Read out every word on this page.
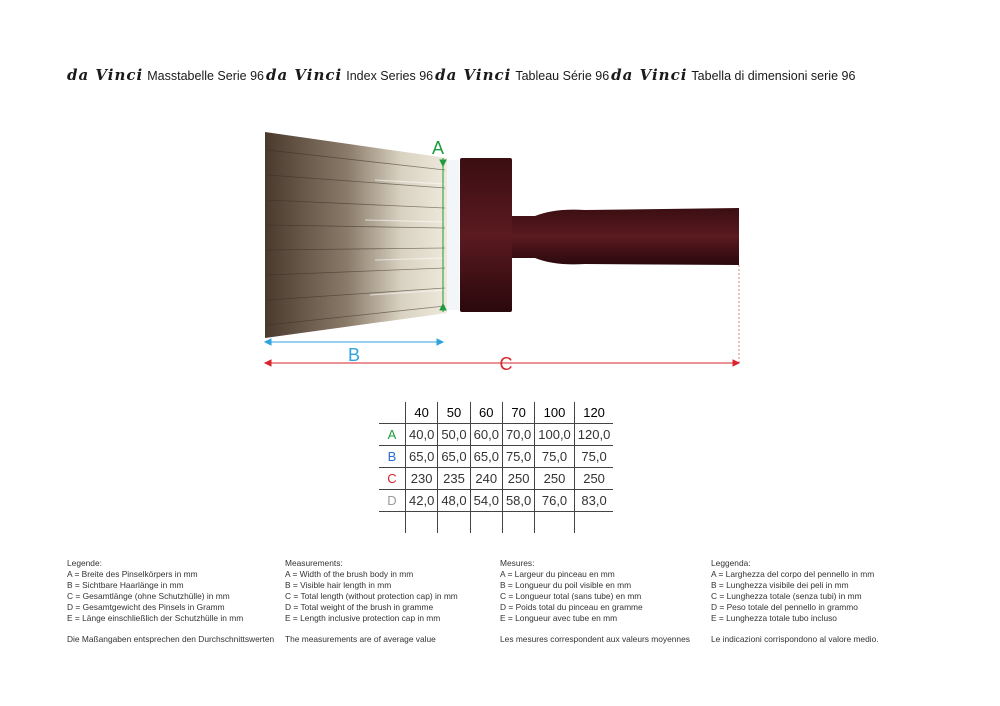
da Vinci Masstabelle Serie 96 da Vinci Index Series 96 da Vinci Tableau Série 96 da Vinci Tabella di dimensioni serie 96
A
B	C
	40	50	60	70	100	120
A	40,0	50,0	60,0	70,0	100,0	120,0
B	65,0	65,0	65,0	75,0	75,0	75,0
C	230	235	240	250	250	250
D	42,0	48,0	54,0	58,0	76,0	83,0

Legende:
A = Breite des Pinselkörpers in mm
B = Sichtbare Haarlänge in mm
C = Gesamtlänge (ohne Schutzhülle) in mm
D = Gesamtgewicht des Pinsels in Gramm
E = Länge einschließlich der Schutzhülle in mm
Die Maßangaben entsprechen den Durchschnittswerten
Measurements:
A = Width of the brush body in mm
B = Visible hair length in mm
C = Total length (without protection cap) in mm
D = Total weight of the brush in gramme
E = Length inclusive protection cap in mm
The measurements are of average value
Mesures:
A = Largeur du pinceau en mm
B = Longueur du poil visible en mm
C = Longueur total (sans tube) en mm
D = Poids total du pinceau en gramme
E = Longueur avec tube en mm
Les mesures correspondent aux valeurs moyennes
Leggenda:
A = Larghezza del corpo del pennello in mm
B = Lunghezza visibile dei peli in mm
C = Lunghezza totale (senza tubi) in mm
D = Peso totale del pennello in grammo
E = Lunghezza totale tubo incluso
Le indicazioni corrispondono al valore medio.
